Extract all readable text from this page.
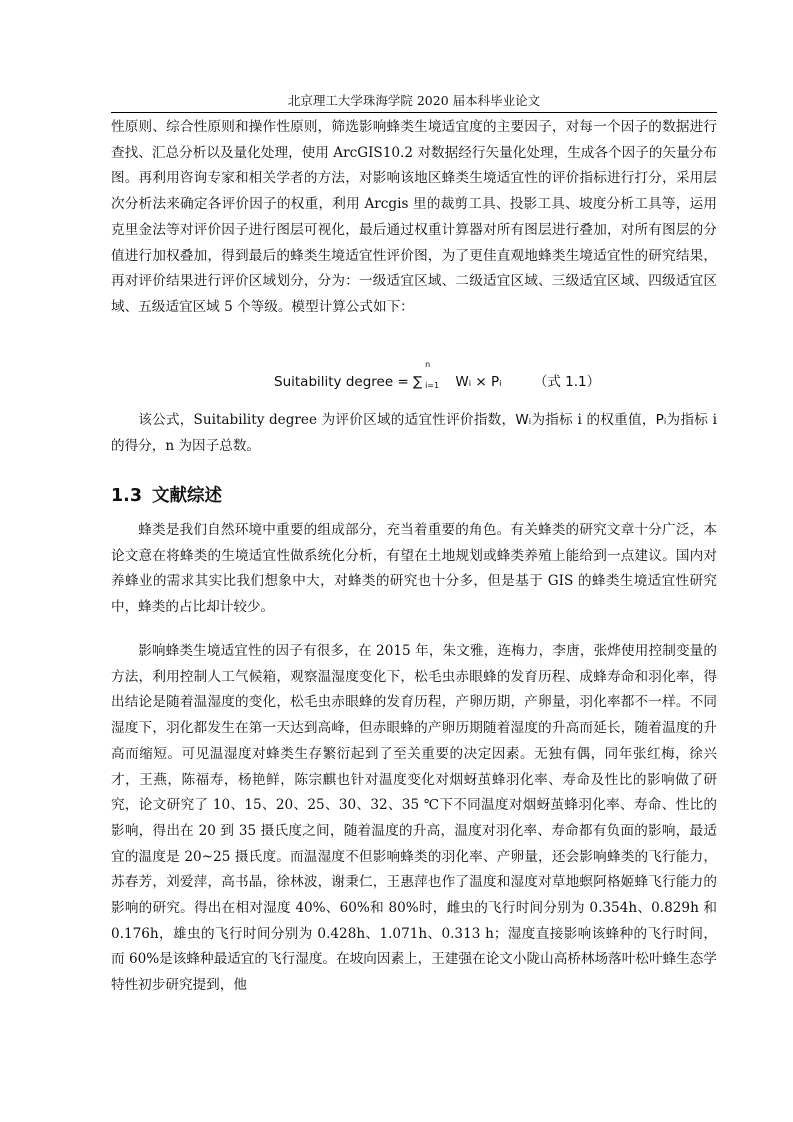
北京理工大学珠海学院 2020 届本科毕业论文

性原则、综合性原则和操作性原则，筛选影响蜂类生境适宜度的主要因子，对每一个因子的数据进行查找、汇总分析以及量化处理，使用 ArcGIS10.2 对数据经行矢量化处理，生成各个因子的矢量分布图。再利用咨询专家和相关学者的方法，对影响该地区蜂类生境适宜性的评价指标进行打分，采用层次分析法来确定各评价因子的权重，利用 Arcgis 里的裁剪工具、投影工具、坡度分析工具等，运用克里金法等对评价因子进行图层可视化，最后通过权重计算器对所有图层进行叠加，对所有图层的分值进行加权叠加，得到最后的蜂类生境适宜性评价图，为了更佳直观地蜂类生境适宜性的研究结果，再对评价结果进行评价区域划分，分为：一级适宜区域、二级适宜区域、三级适宜区域、四级适宜区域、五级适宜区域 5 个等级。模型计算公式如下：

Suitability degree = ∑
n
i=1 Wᵢ × Pᵢ （式 1.1）

该公式，Suitability degree 为评价区域的适宜性评价指数，Wᵢ为指标 i 的权重值，Pᵢ为指标 i 的得分，n 为因子总数。

1.3 文献综述

蜂类是我们自然环境中重要的组成部分，充当着重要的角色。有关蜂类的研究文章十分广泛，本论文意在将蜂类的生境适宜性做系统化分析，有望在土地规划或蜂类养殖上能给到一点建议。国内对养蜂业的需求其实比我们想象中大，对蜂类的研究也十分多，但是基于 GIS 的蜂类生境适宜性研究中，蜂类的占比却计较少。

影响蜂类生境适宜性的因子有很多，在 2015 年，朱文雅，连梅力，李唐，张烨使用控制变量的方法，利用控制人工气候箱，观察温湿度变化下，松毛虫赤眼蜂的发育历程、成蜂寿命和羽化率，得出结论是随着温湿度的变化，松毛虫赤眼蜂的发育历程，产卵历期，产卵量，羽化率都不一样。不同湿度下，羽化都发生在第一天达到高峰，但赤眼蜂的产卵历期随着湿度的升高而延长，随着温度的升高而缩短。可见温湿度对蜂类生存繁衍起到了至关重要的决定因素。无独有偶，同年张红梅，徐兴才，王燕，陈福寿，杨艳鲜，陈宗麒也针对温度变化对烟蚜茧蜂羽化率、寿命及性比的影响做了研究，论文研究了 10、15、20、25、30、32、35 ℃下不同温度对烟蚜茧蜂羽化率、寿命、性比的影响，得出在 20 到 35 摄氏度之间，随着温度的升高，温度对羽化率、寿命都有负面的影响，最适宜的温度是 20~25 摄氏度。而温湿度不但影响蜂类的羽化率、产卵量，还会影响蜂类的飞行能力，苏春芳，刘爱萍，高书晶，徐林波，谢秉仁，王惠萍也作了温度和湿度对草地螟阿格姬蜂飞行能力的影响的研究。得出在相对湿度 40%、60%和 80%时，雌虫的飞行时间分别为 0.354h、0.829h 和 0.176h，雄虫的飞行时间分别为 0.428h、1.071h、0.313 h；湿度直接影响该蜂种的飞行时间，而 60%是该蜂种最适宜的飞行湿度。在坡向因素上，王建强在论文小陇山高桥林场落叶松叶蜂生态学特性初步研究提到，他
